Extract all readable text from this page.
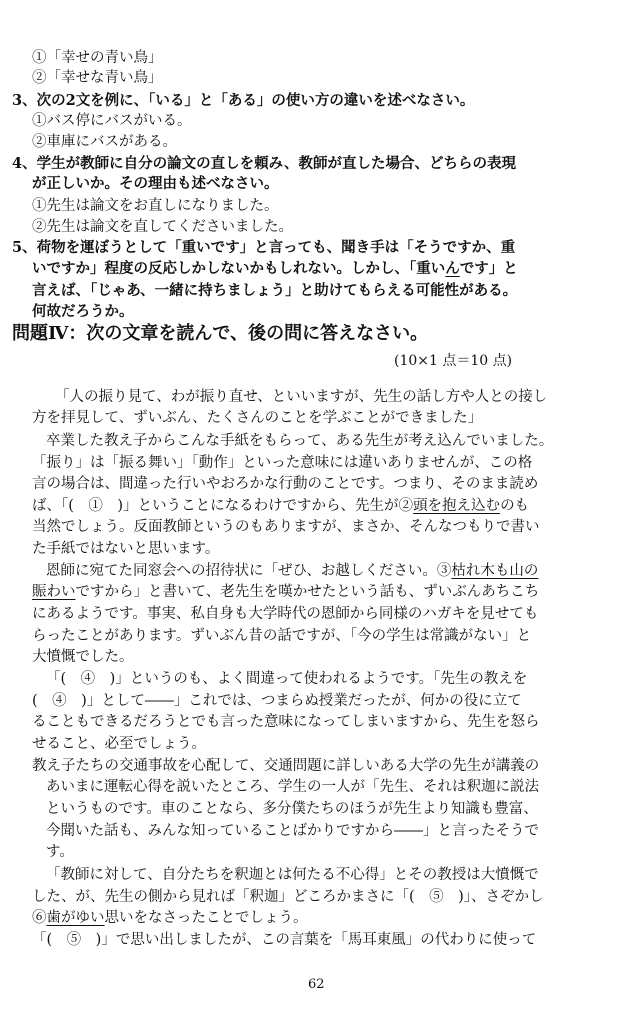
①「幸せの青い鳥」
②「幸せな青い鳥」
3、次の2文を例に、「いる」と「ある」の使い方の違いを述べなさい。
①バス停にバスがいる。
②車庫にバスがある。
4、学生が教師に自分の論文の直しを頼み、教師が直した場合、どちらの表現
が正しいか。その理由も述べなさい。
①先生は論文をお直しになりました。
②先生は論文を直してくださいました。
5、荷物を運ぼうとして「重いです」と言っても、聞き手は「そうですか、重
いですか」程度の反応しかしないかもしれない。しかし、「重いんです」と
言えば、「じゃあ、一緒に持ちましょう」と助けてもらえる可能性がある。
何故だろうか。
「人の振り見て、わが振り直せ、といいますが、先生の話し方や人との接し
方を拝見して、ずいぶん、たくさんのことを学ぶことができました」
卒業した教え子からこんな手紙をもらって、ある先生が考え込んでいました。
「振り」は「振る舞い」「動作」といった意味には違いありませんが、この格
言の場合は、間違った行いやおろかな行動のことです。つまり、そのまま読め
ば、「(　①　)」ということになるわけですから、先生が②頭を抱え込むのも
当然でしょう。反面教師というのもありますが、まさか、そんなつもりで書い
た手紙ではないと思います。
恩師に宛てた同窓会への招待状に「ぜひ、お越しください。③枯れ木も山の
賑わいですから」と書いて、老先生を嘆かせたという話も、ずいぶんあちこち
にあるようです。事実、私自身も大学時代の恩師から同様のハガキを見せても
らったことがあります。ずいぶん昔の話ですが、「今の学生は常識がない」と
大憤慨でした。
「(　④　)」というのも、よく間違って使われるようです。「先生の教えを
(　④　)」として――」これでは、つまらぬ授業だったが、何かの役に立て
ることもできるだろうとでも言った意味になってしまいますから、先生を怒ら
せること、必至でしょう。
教え子たちの交通事故を心配して、交通問題に詳しいある大学の先生が講義の
あいまに運転心得を説いたところ、学生の一人が「先生、それは釈迦に説法
というものです。車のことなら、多分僕たちのほうが先生より知識も豊富、
今聞いた話も、みんな知っていることばかりですから――」と言ったそうで
す。
「教師に対して、自分たちを釈迦とは何たる不心得」とその教授は大憤慨で
した、が、先生の側から見れば「釈迦」どころかまさに「(　⑤　)」、さぞかし
⑥歯がゆい思いをなさったことでしょう。
「(　⑤　)」で思い出しましたが、この言葉を「馬耳東風」の代わりに使って
問題Ⅳ：次の文章を読んで、後の問に答えなさい。
(10×1 点＝10 点)
62
